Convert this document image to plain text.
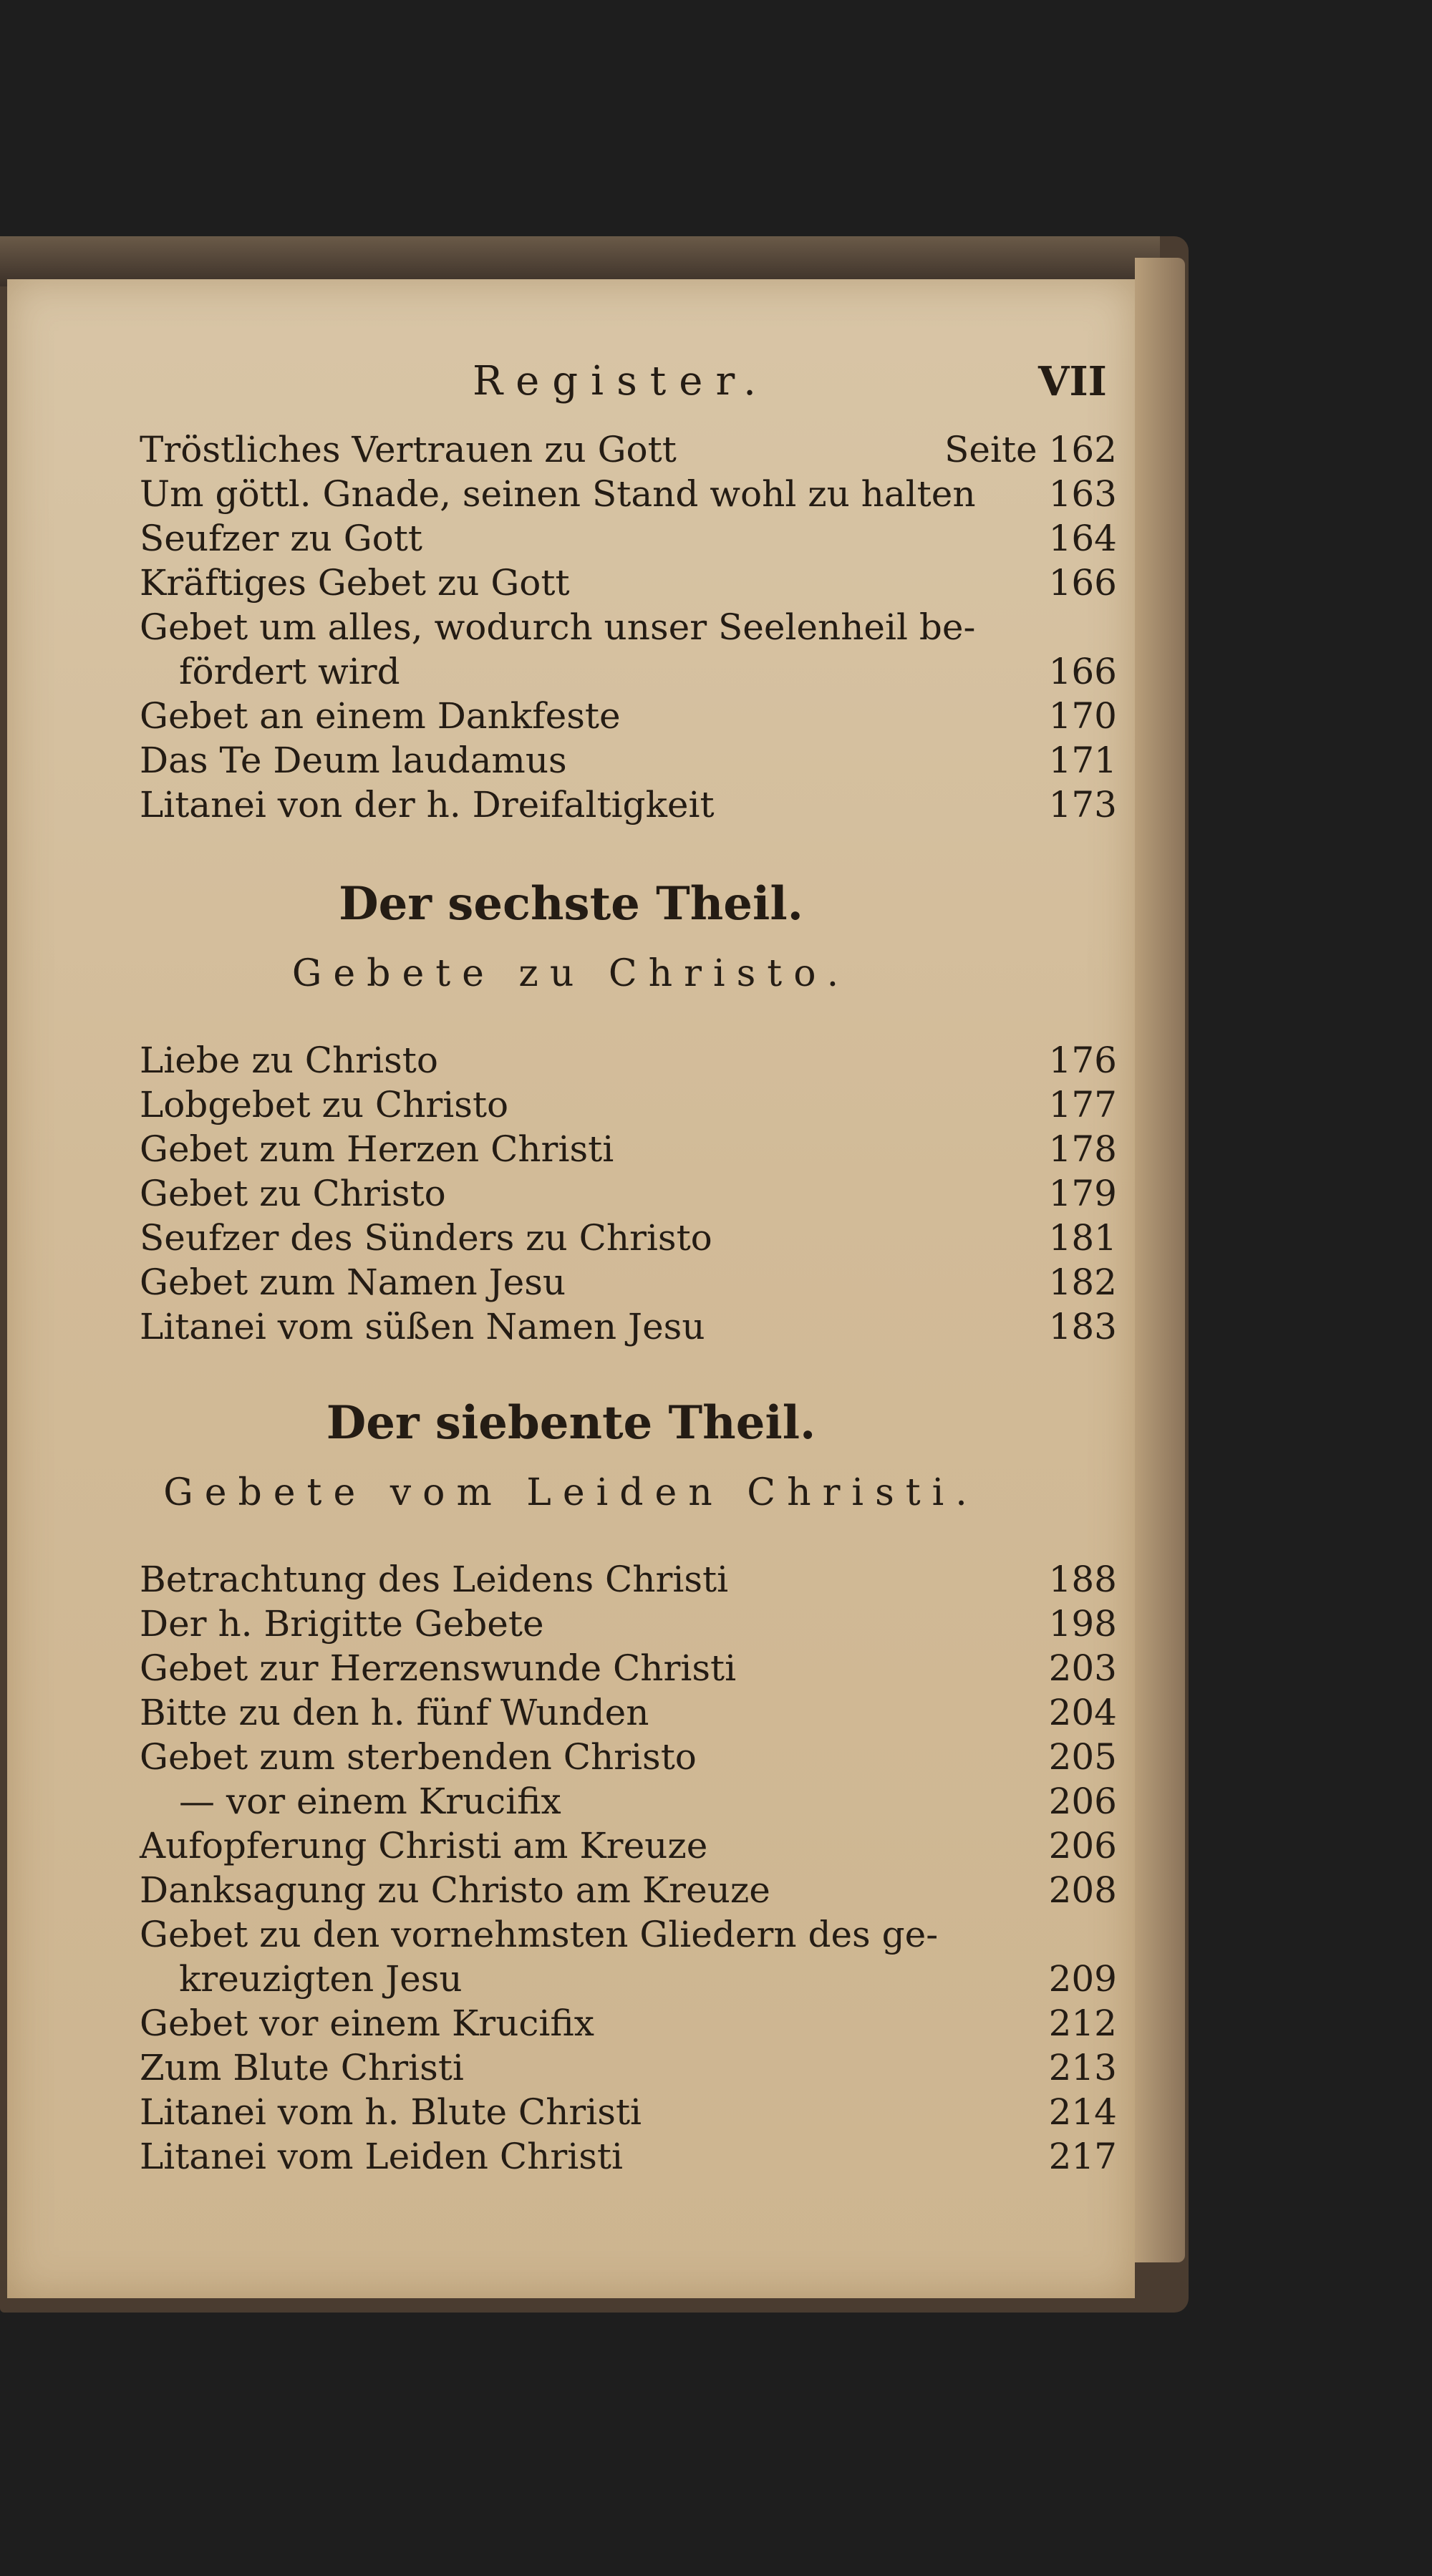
Register.	VII
Tröstliches Vertrauen zu Gott	Seite 162
Um göttl. Gnade, seinen Stand wohl zu halten 163
Seufzer zu Gott	164
Kräftiges Gebet zu Gott	166
Gebet um alles, wodurch unser Seelenheil be-
fördert wird	166
Gebet an einem Dankfeste	170
Das Te Deum laudamus	171
Litanei von der h. Dreifaltigkeit	173
Der sechste Theil.
Gebete zu Christo.
Liebe zu Christo	176
Lobgebet zu Christo	177
Gebet zum Herzen Christi	178
Gebet zu Christo	179
Seufzer des Sünders zu Christo	181
Gebet zum Namen Jesu	182
Litanei vom süßen Namen Jesu	183
Der siebente Theil.
Gebete vom Leiden Christi.
Betrachtung des Leidens Christi	188
Der h. Brigitte Gebete	198
Gebet zur Herzenswunde Christi	203
Bitte zu den h. fünf Wunden	204
Gebet zum sterbenden Christo	205
— vor einem Krucifix	206
Aufopferung Christi am Kreuze	206
Danksagung zu Christo am Kreuze	208
Gebet zu den vornehmsten Gliedern des ge-
kreuzigten Jesu	209
Gebet vor einem Krucifix	212
Zum Blute Christi	213
Litanei vom h. Blute Christi	214
Litanei vom Leiden Christi	217
